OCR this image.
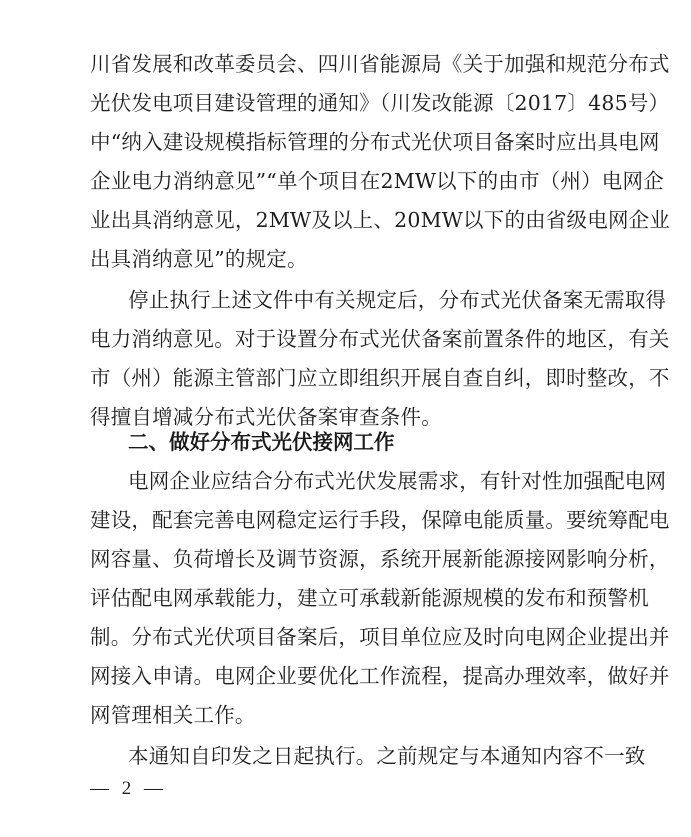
川省发展和改革委员会、四川省能源局《关于加强和规范分布式
光伏发电项目建设管理的通知》（川发改能源〔2017〕485号）
中“纳入建设规模指标管理的分布式光伏项目备案时应出具电网
企业电力消纳意见”“单个项目在2MW以下的由市（州）电网企
业出具消纳意见，2MW及以上、20MW以下的由省级电网企业
出具消纳意见”的规定。
停止执行上述文件中有关规定后，分布式光伏备案无需取得
电力消纳意见。对于设置分布式光伏备案前置条件的地区，有关
市（州）能源主管部门应立即组织开展自查自纠，即时整改，不
得擅自增减分布式光伏备案审查条件。
二、做好分布式光伏接网工作
电网企业应结合分布式光伏发展需求，有针对性加强配电网
建设，配套完善电网稳定运行手段，保障电能质量。要统筹配电
网容量、负荷增长及调节资源，系统开展新能源接网影响分析，
评估配电网承载能力，建立可承载新能源规模的发布和预警机
制。分布式光伏项目备案后，项目单位应及时向电网企业提出并
网接入申请。电网企业要优化工作流程，提高办理效率，做好并
网管理相关工作。
本通知自印发之日起执行。之前规定与本通知内容不一致
— 2 —
